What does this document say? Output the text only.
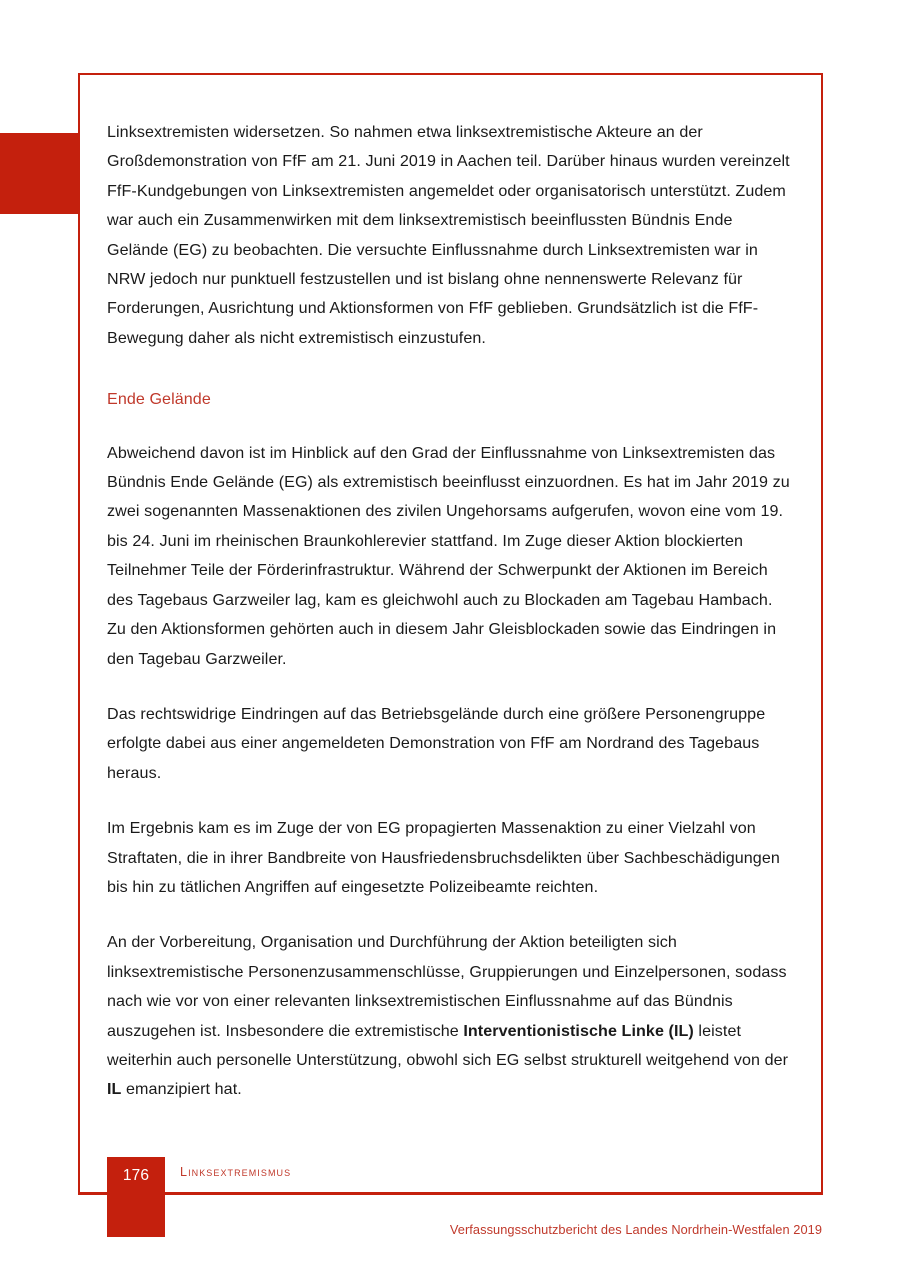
Linksextremisten widersetzen. So nahmen etwa linksextremistische Akteure an der Großdemonstration von FfF am 21. Juni 2019 in Aachen teil. Darüber hinaus wurden vereinzelt FfF-Kundgebungen von Linksextremisten angemeldet oder organisatorisch unterstützt. Zudem war auch ein Zusammenwirken mit dem linksextremistisch beeinflussten Bündnis Ende Gelände (EG) zu beobachten. Die versuchte Einflussnahme durch Linksextremisten war in NRW jedoch nur punktuell festzustellen und ist bislang ohne nennenswerte Relevanz für Forderungen, Ausrichtung und Aktionsformen von FfF geblieben. Grundsätzlich ist die FfF-Bewegung daher als nicht extremistisch einzustufen.

Ende Gelände

Abweichend davon ist im Hinblick auf den Grad der Einflussnahme von Linksextremisten das Bündnis Ende Gelände (EG) als extremistisch beeinflusst einzuordnen. Es hat im Jahr 2019 zu zwei sogenannten Massenaktionen des zivilen Ungehorsams aufgerufen, wovon eine vom 19. bis 24. Juni im rheinischen Braunkohlerevier stattfand. Im Zuge dieser Aktion blockierten Teilnehmer Teile der Förderinfrastruktur. Während der Schwerpunkt der Aktionen im Bereich des Tagebaus Garzweiler lag, kam es gleichwohl auch zu Blockaden am Tagebau Hambach. Zu den Aktionsformen gehörten auch in diesem Jahr Gleisblockaden sowie das Eindringen in den Tagebau Garzweiler.

Das rechtswidrige Eindringen auf das Betriebsgelände durch eine größere Personengruppe erfolgte dabei aus einer angemeldeten Demonstration von FfF am Nordrand des Tagebaus heraus.

Im Ergebnis kam es im Zuge der von EG propagierten Massenaktion zu einer Vielzahl von Straftaten, die in ihrer Bandbreite von Hausfriedensbruchsdelikten über Sachbeschädigungen bis hin zu tätlichen Angriffen auf eingesetzte Polizeibeamte reichten.

An der Vorbereitung, Organisation und Durchführung der Aktion beteiligten sich linksextremistische Personenzusammenschlüsse, Gruppierungen und Einzelpersonen, sodass nach wie vor von einer relevanten linksextremistischen Einflussnahme auf das Bündnis auszugehen ist. Insbesondere die extremistische Interventionistische Linke (IL) leistet weiterhin auch personelle Unterstützung, obwohl sich EG selbst strukturell weitgehend von der IL emanzipiert hat.

176	Linksextremismus
Verfassungsschutzbericht des Landes Nordrhein-Westfalen 2019
